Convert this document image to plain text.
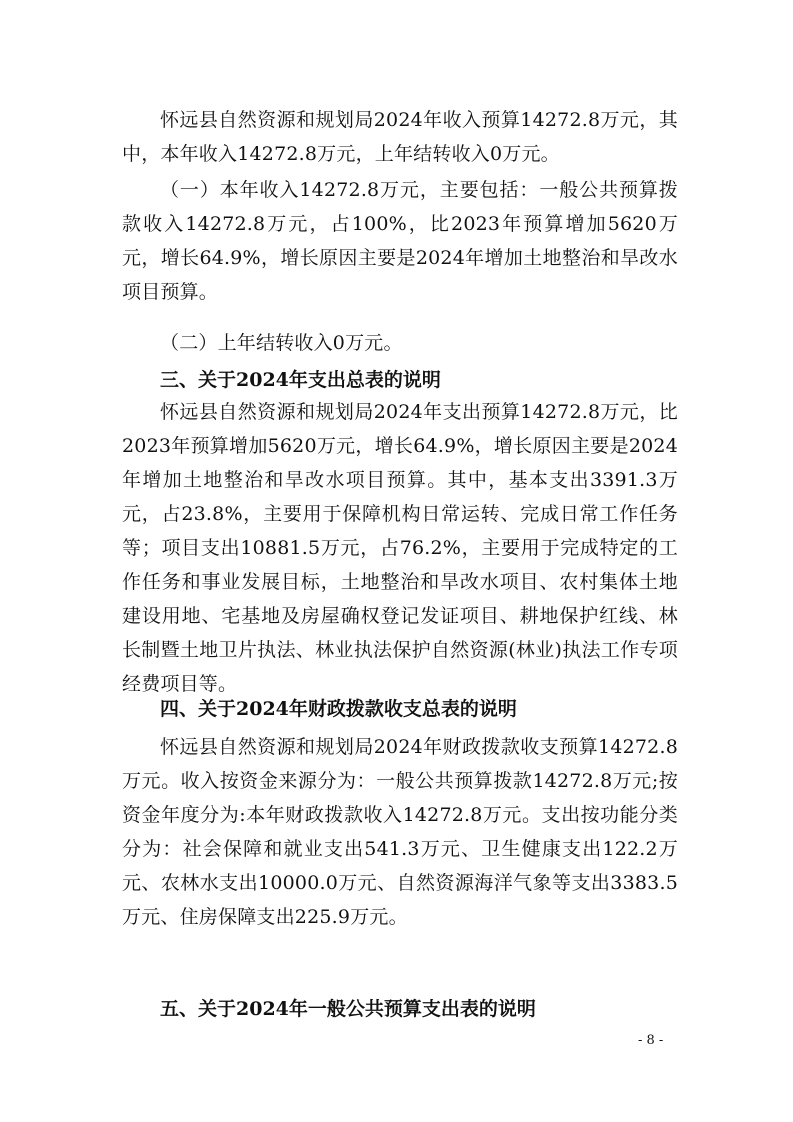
怀远县自然资源和规划局2024年收入预算14272.8万元，其中，本年收入14272.8万元，上年结转收入0万元。

（一）本年收入14272.8万元，主要包括：一般公共预算拨款收入14272.8万元，占100%，比2023年预算增加5620万元，增长64.9%，增长原因主要是2024年增加土地整治和旱改水项目预算。

（二）上年结转收入0万元。

三、关于2024年支出总表的说明

怀远县自然资源和规划局2024年支出预算14272.8万元，比2023年预算增加5620万元，增长64.9%，增长原因主要是2024年增加土地整治和旱改水项目预算。其中，基本支出3391.3万元，占23.8%，主要用于保障机构日常运转、完成日常工作任务等；项目支出10881.5万元，占76.2%，主要用于完成特定的工作任务和事业发展目标，土地整治和旱改水项目、农村集体土地建设用地、宅基地及房屋确权登记发证项目、耕地保护红线、林长制暨土地卫片执法、林业执法保护自然资源(林业)执法工作专项经费项目等。

四、关于2024年财政拨款收支总表的说明

怀远县自然资源和规划局2024年财政拨款收支预算14272.8万元。收入按资金来源分为：一般公共预算拨款14272.8万元;按资金年度分为:本年财政拨款收入14272.8万元。支出按功能分类分为：社会保障和就业支出541.3万元、卫生健康支出122.2万元、农林水支出10000.0万元、自然资源海洋气象等支出3383.5万元、住房保障支出225.9万元。

五、关于2024年一般公共预算支出表的说明
- 8 -
